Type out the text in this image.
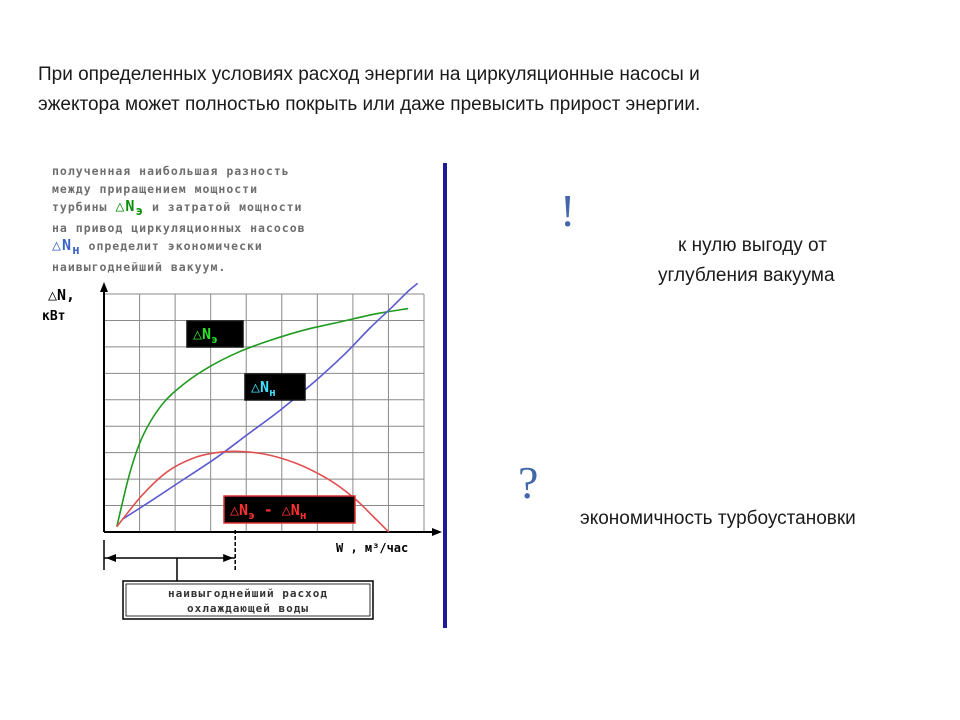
При определенных условиях расход энергии на циркуляционные насосы и
эжектора может полностью покрыть или даже превысить прирост энергии.
полученная наибольшая разность
между приращением мощности
турбины $\triangle N_э$ и затратой мощности
на привод циркуляционных насосов
$\triangle N_н$ определит экономически
наивыгоднейший вакуум.
△N,
кВт
W , м³/час
$\triangle N_э$
$\triangle N_н$
$\triangle N_э$ - $\triangle N_н$
наивыгоднейший расход
охлаждающей воды
!
к нулю выгоду от
углубления вакуума
?
экономичность турбоустановки
